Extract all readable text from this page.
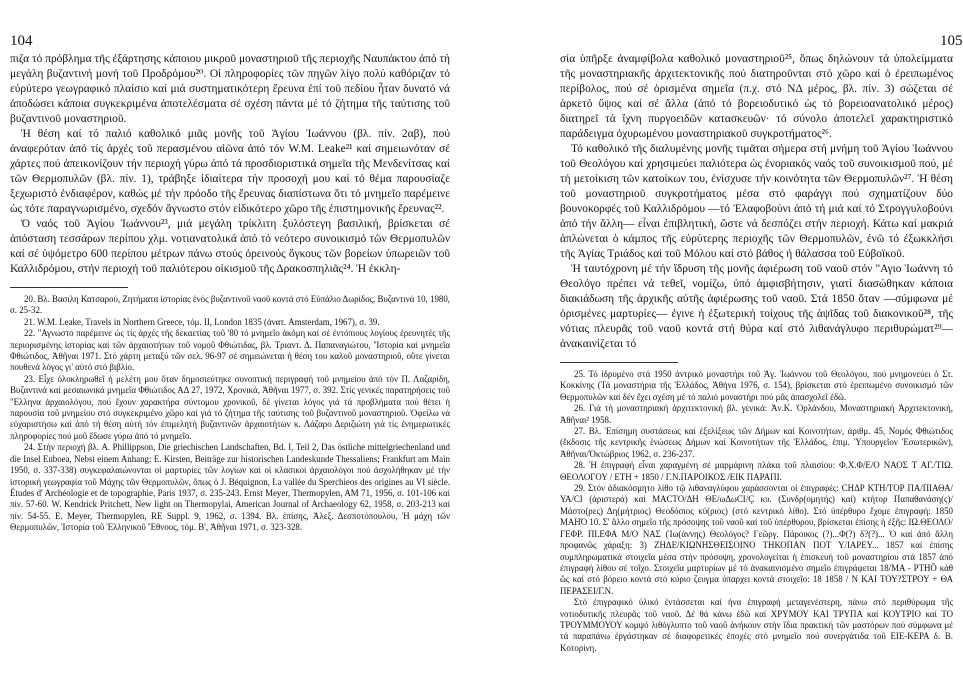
104	105

πιζα τό πρόβλημα τῆς ἐξάρτησης κάποιου μικροῦ μοναστηριοῦ τῆς περιοχῆς Ναυπάκτου ἀπό τή μεγάλη βυζαντινή μονή τοῦ Προδρόμου²⁰. Οἱ πληροφορίες τῶν πηγῶν λίγο πολύ καθόριζαν τό εὐρύτερο γεωγραφικό πλαίσιο καί μιά συστηματικότερη ἔρευνα ἐπί τοῦ πεδίου ἦταν δυνατό νά ἀποδώσει κάποια συγκεκριμένα ἀποτελέσματα σέ σχέση πάντα μέ τό ζήτημα τῆς ταύτισης τοῦ βυζαντινοῦ μοναστηριοῦ.

Ἡ θέση καί τό παλιό καθολικό μιᾶς μονῆς τοῦ Ἁγίου Ἰωάννου (βλ. πίν. 2αβ), πού ἀναφερόταν ἀπό τίς ἀρχές τοῦ περασμένου αἰῶνα ἀπό τόν W.M. Leake²¹ καί σημειωνόταν σέ χάρτες πού ἀπεικονίζουν τήν περιοχή γύρω ἀπό τά προσδιοριστικά σημεῖα τῆς Μενδενίτσας καί τῶν Θερμοπυλῶν (βλ. πίν. 1), τράβηξε ἰδιαίτερα τήν προσοχή μου καί τό θέμα παρουσίαζε ξεχωριστό ἐνδιαφέρον, καθώς μέ τήν πρόοδο τῆς ἔρευνας διαπίστωνα ὅτι τό μνημεῖο παρέμεινε ὡς τότε παραγνωρισμένο, σχεδόν ἄγνωστο στόν εἰδικότερο χῶρο τῆς ἐπιστημονικῆς ἔρευνας²².

Ὁ ναός τοῦ Ἁγίου Ἰωάννου²³, μιά μεγάλη τρίκλιτη ξυλόστεγη βασιλική, βρίσκεται σέ ἀπόσταση τεσσάρων περίπου χλμ. νοτιανατολικά ἀπό τό νεότερο συνοικισμό τῶν Θερμοπυλῶν καί σέ ὑψόμετρο 600 περίπου μέτρων πάνω στούς ὀρεινούς ὄγκους τῶν βορείων ὑπωρειῶν τοῦ Καλλιδρόμου, στήν περιοχή τοῦ παλιότερου οἰκισμοῦ τῆς Δρακοσπηλιᾶς²⁴. Ἡ ἐκκλη-

20. Βλ. Βασιλη Κατσαρού, Ζητήματα ἱστορίας ἑνός βυζαντινοῦ ναοῦ κοντά στό Εὐπάλιο Δωρίδος, Βυζαντινά 10, 1980, σ. 25-32.

21. W.M. Leake, Travels in Northern Greece, τόμ. II, London 1835 (ἀνατ. Amsterdam, 1967), σ. 39.

22. "Αγνωστο παρέμεινε ὡς τίς ἀρχές τῆς δεκαετίας τοῦ '80 τό μνημεῖο ἀκόμη καί σέ ἐντόπιους λογίους ἐρευνητές τῆς περιορισμένης ἱστορίας καί τῶν ἀρχαιοτήτων τοῦ νομοῦ Φθιώτιδας, βλ. Τριαντ. Δ. Παπαναγιώτου, 'Ἱστορία καί μνημεῖα Φθιώτιδος, Ἀθῆναι 1971. Στό χάρτη μεταξύ τῶν σελ. 96-97 σέ σημειώνεται ἡ θέση του καλοῦ μοναστηριοῦ, οὔτε γίνεται πουθενά λόγος γι' αὐτό στό βιβλίο.

23. Εἶχε ὀλοκληρωθεῖ ἡ μελέτη μου ὅταν δημοσιεύτηκε συνοπτική περιγραφή τοῦ μνημείου ἀπό τόν Π. Λαζαρίδη, Βυζαντινά καί μεσαιωνικά μνημεῖα Φθιώτιδος ΑΔ 27, 1972, Χρονικά, Ἀθῆναι 1977, σ. 392. Στίς γενικές παρατηρήσεις τοῦ "Ελληνα ἀρχαιολόγου, πού ἔχουν χαρακτήρα σύντομου χρονικοῦ, δέ γίνεται λόγος γιά τά προβλήματα πού θέτει ἡ παρουσία τοῦ μνημείου στό συγκεκριμένο χῶρο καί γιά τό ζήτημα τῆς ταύτισης τοῦ βυζαντινοῦ μοναστηριοῦ. Ὀφείλω νά εὐχαριστήσω καί ἀπό τή θέση αὐτή τόν ἐπιμελητή βυζαντινῶν ἀρχαιοτήτων κ. Λάζαρο Δεριζιώτη γιά τίς ἐνημερωτικές πληροφορίες πού μοῦ ἔδωσε γύρω ἀπό τό μνημεῖο.

24. Στήν περιοχή βλ. A. Phillippson, Die griechischen Landschaften, Bd. I, Teil 2, Das östliche mittelgriechenland und die Insel Euboea, Nebst einem Anhang: E. Kirsten, Beiträge zur historischen Landeskunde Thessaliens; Frankfurt am Main 1950, σ. 337-338) συγκεφαλαιώνονται οἱ μαρτυρίες τῶν λογίων καί οἱ κλασικοί ἀρχαιολόγοι πού ἀσχολήθηκαν μέ τήν ἱστορική γεωγραφία τοῦ Μάχης τῶν Θερμοπυλῶν, ὅπως ὁ J. Béquignon, La vallée du Sperchieos des origines au VI siècle. Études d' Archéologie et de topographie, Paris 1937, σ. 235-243. Ernst Meyer, Thermopylen, AM 71, 1956, σ. 101-106 καί πίν. 57-60. W. Kendrick Pritchett, New light on Thermopylai, American Journal of Archaeology 62, 1958, σ. 203-213 καί πίν. 54-55. E. Meyer, Thermopylen, RE Suppl. 9, 1962, σ. 1394. Βλ. ἐπίσης, Ἀλεξ. Δεσποτόπουλου, Ἡ μάχη τῶν Θερμοπυλῶν, Ἱστορία τοῦ Ἑλληνικοῦ Ἔθνους, τόμ. Β', Ἀθῆναι 1971, σ. 323-328.

σία ὑπῆρξε ἀναμφίβολα καθολικό μοναστηριοῦ²⁵, ὅπως δηλώνουν τά ὑπολείμματα τῆς μοναστηριακῆς ἀρχιτεκτονικῆς πού διατηροῦνται στό χῶρο καί ὁ ἐρειπωμένος περίβολος, πού σέ ὁρισμένα σημεῖα (π.χ. στό ΝΔ μέρος, βλ. πίν. 3) σώζεται σέ ἀρκετό ὕψος καί σέ ἄλλα (ἀπό τό βορειοδυτικό ὡς τό βορειοανατολικό μέρος) διατηρεῖ τά ἴχνη πυργοειδῶν κατασκευῶν· τό σύνολο ἀποτελεῖ χαρακτηριστικό παράδειγμα ὀχυρωμένου μοναστηριακοῦ συγκροτήματος²⁶.

Τό καθολικό τῆς διαλυμένης μονῆς τιμᾶται σήμερα στή μνήμη τοῦ Ἁγίου Ἰωάννου τοῦ Θεολόγου καί χρησιμεύει παλιότερα ὡς ἐνοριακός ναός τοῦ συνοικισμοῦ πού, μέ τή μετοίκιση τῶν κατοίκων του, ἐνίσχυσε τήν κοινότητα τῶν Θερμοπυλῶν²⁷. Ἡ θέση τοῦ μοναστηριοῦ συγκροτήματος μέσα στό φαράγγι πού σχηματίζουν δύο βουνοκορφές τοῦ Καλλιδρόμου —τό Ἐλαφοβούνι ἀπό τή μιά καί τό Στρογγυλοβούνι ἀπό τήν ἄλλη— εἶναι ἐπιβλητική, ὥστε νά δεσπόζει στήν περιοχή. Κάτω καί μακριά ἁπλώνεται ὁ κάμπος τῆς εὐρύτερης περιοχῆς τῶν Θερμοπυλῶν, ἐνῶ τό ἐξωκκλήσι τῆς Ἁγίας Τριάδος καί τοῦ Μόλου καί στό βάθος ἡ θάλασσα τοῦ Εὐβοϊκοῦ.

Ἡ ταυτόχρονη μέ τήν ἵδρυση τῆς μονῆς ἀφιέρωση τοῦ ναοῦ στόν "Αγιο Ἰωάννη τό Θεολόγο πρέπει νά τεθεῖ, νομίζω, ὑπό ἀμφισβήτησιν, γιατί διασώθηκαν κάποια διακιάδωση τῆς ἀρχικῆς αὐτῆς ἀφιέρωσης τοῦ ναοῦ. Στά 1850 ὅταν —σύμφωνα μέ ὁρισμένες μαρτυρίες— ἐγινε ἡ ἐξωτερική τοίχους τῆς ἀψῖδας τοῦ διακονικοῦ²⁸, τῆς νότιας πλευρᾶς τοῦ ναοῦ κοντά στή θύρα καί στό λιθανάγλυφο περιθυρώματ²⁹— ἀνακαινίζεται τό

25. Τό ἱδρυμένο στά 1950 ἀντρικό μοναστήρι τοῦ Ἁγ. Ἰωάννου τοῦ Θεολόγου, πού μνημονεύει ὁ Στ. Κοκκίνης (Τά μοναστήρια τῆς Ἑλλάδος, Ἀθήνα 1976, σ. 154), βρίσκεται στό ἐρειπωμένο συνοικισμό τῶν Θερμοπυλῶν καί δέν ἔχει σχέση μέ τό παλιό μοναστήρι πού μᾶς ἀπασχολεῖ ἐδῶ.

26. Γιά τή μοναστηριακή ἀρχιτεκτονική βλ. γενικά: Ἀν.Κ. Ὀρλάνδου, Μοναστηριακή Ἀρχιτεκτονική, Ἀθῆναι² 1958.

27. Βλ. Ἐπίσημη συστάσεως καί ἐξελίξεως τῶν Δήμων καί Κοινοτήτων, ἀριθμ. 45, Νομός Φθιώτιδος (ἔκδοσις τῆς κεντρικῆς ἑνώσεως Δήμων καί Κοινοτήτων τῆς Ἑλλάδος, ἐπιμ. Ὑπουργεῖον Ἐσωτερικῶν), Ἀθῆναι/Ὀκτώβριος 1962, σ. 236-237.

28. Ἡ ἐπιγραφή εἶναι χαραγμένη σέ μαρμάρινη πλάκα τοῦ πλαισίου: Φ.Χ.Φ/Ε/Ο ΝΑΟΣ Τ ΑΓ./ΤΙΩ. ΘΕΟΛΟΓΟΥ / ΕΤΗ + 1850 / Γ.Ν.ΠΑΡΟΙΚΟΣ /ΕΙΚ ΠΑΡΑΠΙ.

29. Στόν ἀδιακόσμητο λίθο τῷ λιθαναγλύφου χαράσσονται οἱ ἐπιγραφές: CΗΔΡ ΚΤΗ/ΤΟΡ ΠΑ/ΠΙΑΘΑ/ΥΑ/CΙ (ἀριστερά) καί ΜΑCΤΟ/ΔΗ ΘΕ/ωΔωCΙ/Ç κυ. (Συνδρ(ομητής) καί) κτήτορ Παπαθανάση(ς)/Μάστο(ρες) Δη(μήτριος) Θεοδόσιος κύ(ριος) (στό κεντρικό λίθο). Στό ὑπέρθυρο ἔχομε ἐπιγραφή: 1850 ΜΑΗΌ 10. Σ' ἄλλο σημεῖο τῆς πρόσοψης τοῦ ναοῦ καί τοῦ ὑπέρθυρου, βρίσκεται ἐπίσης ἡ ἐξῆς: ΙΩ.ΘΕΟΛΟ/ΓΕΦΡ. ΠΙ.ΕΦΑ Μ/Ο ΝΑΣ (Ἰω(άννης) Θεολόγος? Γεῶργ. Πάροικος (?)...Φ(?) δ?(?)... Ὁ καί ἀπό ἄλλη προφανῶς χάραξη: 3) ΖΗΔΕ/ΚΙΩΝΗΣΘΕΙΣΟΙΝΟ ΤΗΚΟΠΑΝ ΠΟΤ Υ/ΙΑΡΕΥ... 1857 καί ἐπίσης συμπληρωματικά στοιχεῖα μέσα στήν πρόσοψη, χρονολογείται ἡ ἐπισκευή τοῦ μοναστηρίου στά 1857 ἀπό ἐπιγραφή λίθου σέ τοῖχο. Στοιχεῖα μαρτυρίων μέ τό ἀνακαινισμένο σημεῖο ἐπιγράφεται 18/ΜΑ - PTHŌ κάθ ὥς καί στό βόρειο κοντά στό κύριο ζευγμα ὑπαρχει κοντά στοιχεῖο: 18 1858 / Ν ΚΑΙ ΤΟΥ?ΣΤΡΟΥ + ΘΑ ΠΕΡΑΣΕΙ/Γ.Ν.

Στό ἐπιγραφικό ὑλικό ἐντάσσεται καί ἡνα ἐπιγραφή μεταγενέστερη, πάνω στό περιθύρωμα τῆς νοτιοδυτικῆς πλευρᾶς τοῦ ναοῦ. Δέ θά κάνω ἐδῶ καί ΧΡΥΜΟΥ ΚΑΙ ΤΡΥΠΑ καί ΚΟΥΤΡΙΟ καί ΤΟ ΤΡΟΥΜΜΟΥΟΥ κομψό λιθόγλυπτο τοῦ ναοῦ ἀνήκουν στήν ἴδια πρακτική τῶν μαστόρων πού σύμφωνα μέ τά παραπάνω ἐργάστηκαν σέ διαφορετικές ἐποχές στό μνημεῖο πού συνεργάτιδα τοῦ ΕΙΕ-ΚΕΡΑ δ. Β. Κοτορίνη.
